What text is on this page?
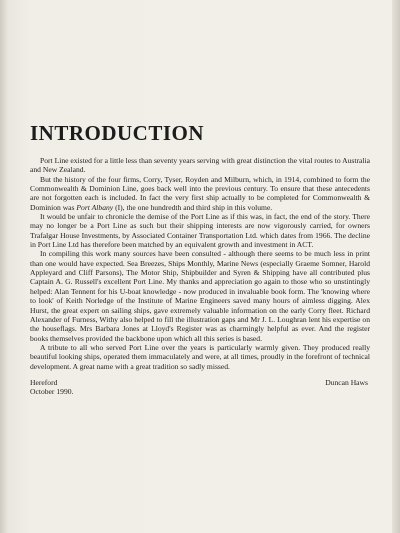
INTRODUCTION

Port Line existed for a little less than seventy years serving with great distinction the vital routes to Australia and New Zealand.

But the history of the four firms, Corry, Tyser, Royden and Milburn, which, in 1914, combined to form the Commonwealth & Dominion Line, goes back well into the previous century. To ensure that these antecedents are not forgotten each is included. In fact the very first ship actually to be completed for Commonwealth & Dominion was Port Albany (I), the one hundredth and third ship in this volume.

It would be unfair to chronicle the demise of the Port Line as if this was, in fact, the end of the story. There may no longer be a Port Line as such but their shipping interests are now vigorously carried, for owners Trafalgar House Investments, by Associated Container Transportation Ltd. which dates from 1966. The decline in Port Line Ltd has therefore been matched by an equivalent growth and investment in ACT.

In compiling this work many sources have been consulted - although there seems to be much less in print than one would have expected. Sea Breezes, Ships Monthly, Marine News (especially Graeme Somner, Harold Appleyard and Cliff Parsons), The Motor Ship, Shipbuilder and Syren & Shipping have all contributed plus Captain A. G. Russell's excellent Port Line. My thanks and appreciation go again to those who so unstintingly helped: Alan Tennent for his U-boat knowledge - now produced in invaluable book form. The 'knowing where to look' of Keith Norledge of the Institute of Marine Engineers saved many hours of aimless digging. Alex Hurst, the great expert on sailing ships, gave extremely valuable information on the early Corry fleet. Richard Alexander of Furness, Withy also helped to fill the illustration gaps and Mr J. L. Loughran lent his expertise on the houseflags. Mrs Barbara Jones at Lloyd's Register was as charmingly helpful as ever. And the register books themselves provided the backbone upon which all this series is based.

A tribute to all who served Port Line over the years is particularly warmly given. They produced really beautiful looking ships, operated them immaculately and were, at all times, proudly in the forefront of technical development. A great name with a great tradition so sadly missed.

Hereford
October 1990.
Duncan Haws
